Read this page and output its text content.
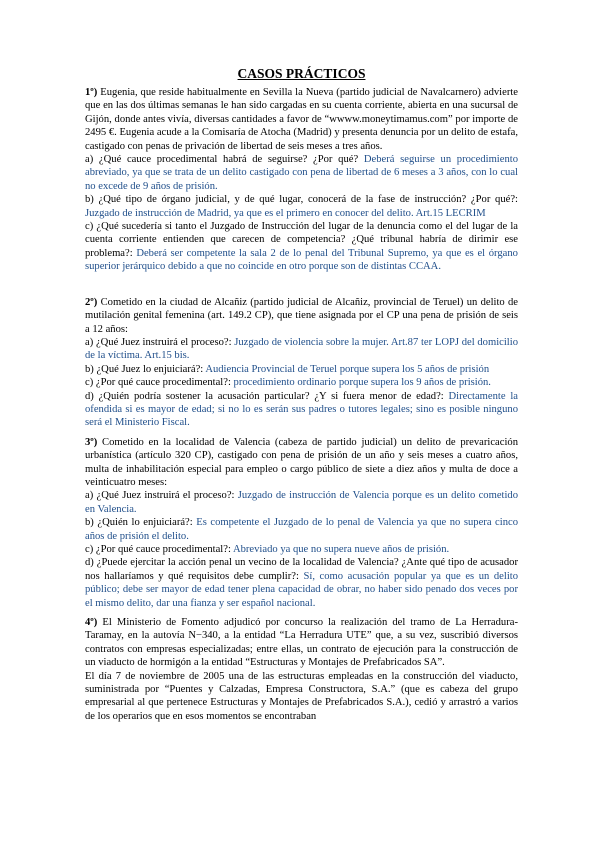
CASOS PRÁCTICOS

1º) Eugenia, que reside habitualmente en Sevilla la Nueva (partido judicial de Navalcarnero) advierte que en las dos últimas semanas le han sido cargadas en su cuenta corriente, abierta en una sucursal de Gijón, donde antes vivía, diversas cantidades a favor de “wwww.moneytimamus.com” por importe de 2495 €. Eugenia acude a la Comisaría de Atocha (Madrid) y presenta denuncia por un delito de estafa, castigado con penas de privación de libertad de seis meses a tres años.

a) ¿Qué cauce procedimental habrá de seguirse? ¿Por qué? Deberá seguirse un procedimiento abreviado, ya que se trata de un delito castigado con pena de libertad de 6 meses a 3 años, con lo cual no excede de 9 años de prisión.

b) ¿Qué tipo de órgano judicial, y de qué lugar, conocerá de la fase de instrucción? ¿Por qué?: Juzgado de instrucción de Madrid, ya que es el primero en conocer del delito. Art.15 LECRIM

c) ¿Qué sucedería si tanto el Juzgado de Instrucción del lugar de la denuncia como el del lugar de la cuenta corriente entienden que carecen de competencia? ¿Qué tribunal habría de dirimir ese problema?: Deberá ser competente la sala 2 de lo penal del Tribunal Supremo, ya que es el órgano superior jerárquico debido a que no coincide en otro porque son de distintas CCAA.

2º) Cometido en la ciudad de Alcañiz (partido judicial de Alcañiz, provincial de Teruel) un delito de mutilación genital femenina (art. 149.2 CP), que tiene asignada por el CP una pena de prisión de seis a 12 años:

a) ¿Qué Juez instruirá el proceso?: Juzgado de violencia sobre la mujer. Art.87 ter LOPJ del domicilio de la víctima. Art.15 bis.

b) ¿Qué Juez lo enjuiciará?: Audiencia Provincial de Teruel porque supera los 5 años de prisión

c) ¿Por qué cauce procedimental?: procedimiento ordinario porque supera los 9 años de prisión.

d) ¿Quién podría sostener la acusación particular? ¿Y si fuera menor de edad?: Directamente la ofendida si es mayor de edad; si no lo es serán sus padres o tutores legales; sino es posible ninguno será el Ministerio Fiscal.

3º) Cometido en la localidad de Valencia (cabeza de partido judicial) un delito de prevaricación urbanística (artículo 320 CP), castigado con pena de prisión de un año y seis meses a cuatro años, multa de inhabilitación especial para empleo o cargo público de siete a diez años y multa de doce a veinticuatro meses:

a) ¿Qué Juez instruirá el proceso?: Juzgado de instrucción de Valencia porque es un delito cometido en Valencia.

b) ¿Quién lo enjuiciará?: Es competente el Juzgado de lo penal de Valencia ya que no supera cinco años de prisión el delito.

c) ¿Por qué cauce procedimental?: Abreviado ya que no supera nueve años de prisión.

d) ¿Puede ejercitar la acción penal un vecino de la localidad de Valencia? ¿Ante qué tipo de acusador nos hallaríamos y qué requisitos debe cumplir?: Sí, como acusación popular ya que es un delito público; debe ser mayor de edad tener plena capacidad de obrar, no haber sido penado dos veces por el mismo delito, dar una fianza y ser español nacional.

4º) El Ministerio de Fomento adjudicó por concurso la realización del tramo de La Herradura-Taramay, en la autovía N−340, a la entidad “La Herradura UTE” que, a su vez, suscribió diversos contratos con empresas especializadas; entre ellas, un contrato de ejecución para la construcción de un viaducto de hormigón a la entidad “Estructuras y Montajes de Prefabricados SA”.

El día 7 de noviembre de 2005 una de las estructuras empleadas en la construcción del viaducto, suministrada por “Puentes y Calzadas, Empresa Constructora, S.A.” (que es cabeza del grupo empresarial al que pertenece Estructuras y Montajes de Prefabricados S.A.), cedió y arrastró a varios de los operarios que en esos momentos se encontraban
